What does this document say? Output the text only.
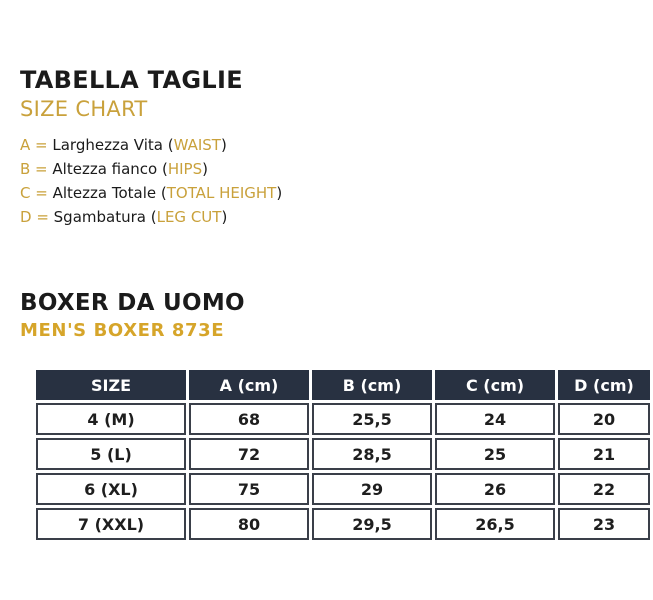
TABELLA TAGLIE
SIZE CHART
A = Larghezza Vita (WAIST)
B = Altezza fianco (HIPS)
C = Altezza Totale (TOTAL HEIGHT)
D = Sgambatura (LEG CUT)
BOXER DA UOMO
MEN'S BOXER 873E
SIZE	A (cm)	B (cm)	C (cm)	D (cm)
4 (M)	68	25,5	24	20
5 (L)	72	28,5	25	21
6 (XL)	75	29	26	22
7 (XXL)	80	29,5	26,5	23
